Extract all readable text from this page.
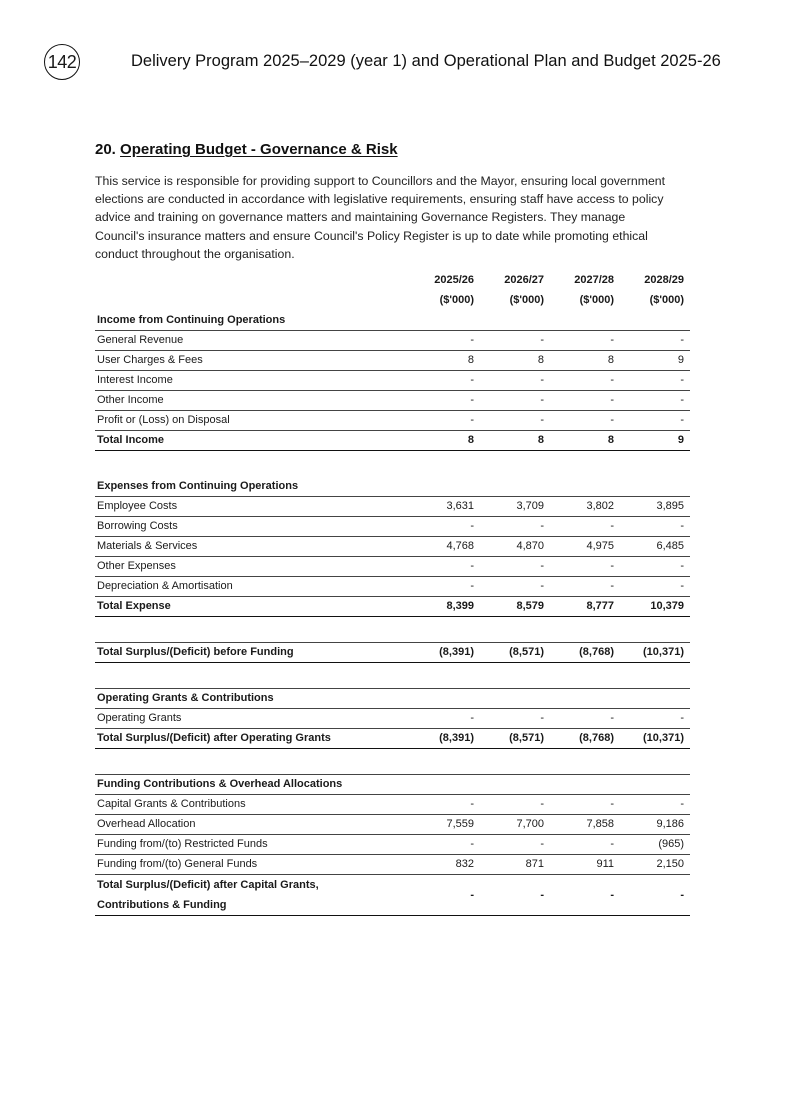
142	Delivery Program 2025–2029 (year 1) and Operational Plan and Budget 2025-26
20. Operating Budget - Governance & Risk
This service is responsible for providing support to Councillors and the Mayor, ensuring local government elections are conducted in accordance with legislative requirements, ensuring staff have access to policy advice and training on governance matters and maintaining Governance Registers. They manage Council's insurance matters and ensure Council's Policy Register is up to date while promoting ethical conduct throughout the organisation.
	2025/26	2026/27	2027/28	2028/29
	($'000)	($'000)	($'000)	($'000)
Income from Continuing Operations				
General Revenue	-	-	-	-
User Charges & Fees	8	8	8	9
Interest Income	-	-	-	-
Other Income	-	-	-	-
Profit or (Loss) on Disposal	-	-	-	-
Total Income	8	8	8	9

Expenses from Continuing Operations				
Employee Costs	3,631	3,709	3,802	3,895
Borrowing Costs	-	-	-	-
Materials & Services	4,768	4,870	4,975	6,485
Other Expenses	-	-	-	-
Depreciation & Amortisation	-	-	-	-
Total Expense	8,399	8,579	8,777	10,379

Total Surplus/(Deficit) before Funding	(8,391)	(8,571)	(8,768)	(10,371)

Operating Grants & Contributions				
Operating Grants	-	-	-	-
Total Surplus/(Deficit) after Operating Grants	(8,391)	(8,571)	(8,768)	(10,371)

Funding Contributions & Overhead Allocations				
Capital Grants & Contributions	-	-	-	-
Overhead Allocation	7,559	7,700	7,858	9,186
Funding from/(to) Restricted Funds	-	-	-	(965)
Funding from/(to) General Funds	832	871	911	2,150

Total Surplus/(Deficit) after Capital Grants,
Contributions & Funding	-	-	-	-
